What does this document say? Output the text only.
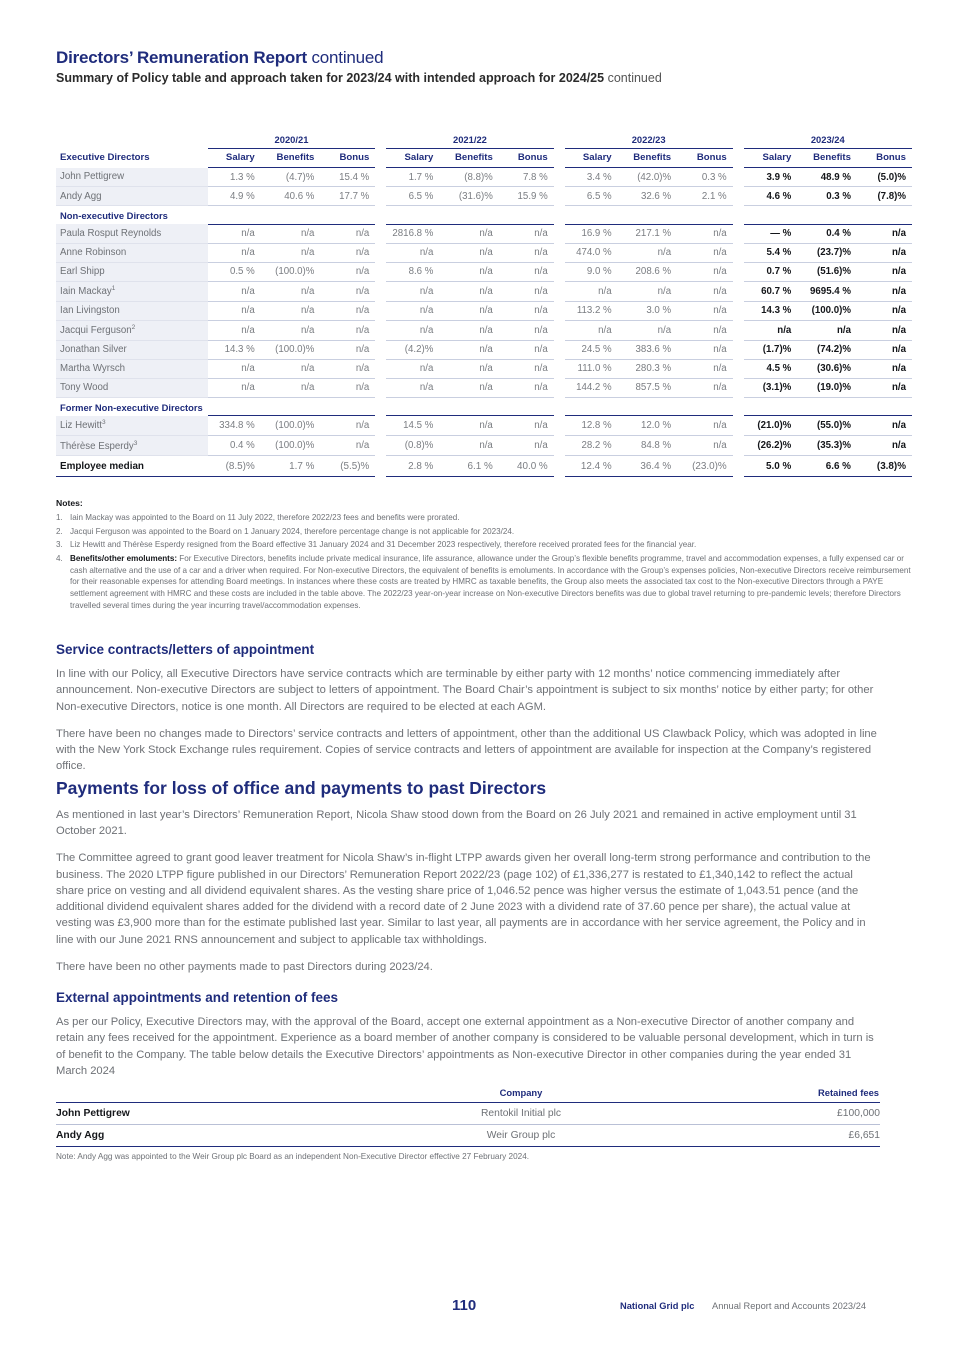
Directors’ Remuneration Report continued
Summary of Policy table and approach taken for 2023/24 with intended approach for 2024/25 continued
	2020/21				2021/22				2022/23				2023/24		
Executive Directors	Salary	Benefits	Bonus		Salary	Benefits	Bonus		Salary	Benefits	Bonus		Salary	Benefits	Bonus
John Pettigrew	1.3 %	(4.7)%	15.4 %		1.7 %	(8.8)%	7.8 %		3.4 %	(42.0)%	0.3 %		3.9 %	48.9 %	(5.0)%
Andy Agg	4.9 %	40.6 %	17.7 %		6.5 %	(31.6)%	15.9 %		6.5 %	32.6 %	2.1 %		4.6 %	0.3 %	(7.8)%
Non-executive Directors															
Paula Rosput Reynolds	n/a	n/a	n/a		2816.8 %	n/a	n/a		16.9 %	217.1 %	n/a		— %	0.4 %	n/a
Anne Robinson	n/a	n/a	n/a		n/a	n/a	n/a		474.0 %	n/a	n/a		5.4 %	(23.7)%	n/a
Earl Shipp	0.5 %	(100.0)%	n/a		8.6 %	n/a	n/a		9.0 %	208.6 %	n/a		0.7 %	(51.6)%	n/a
Iain Mackay$^1$	n/a	n/a	n/a		n/a	n/a	n/a		n/a	n/a	n/a		60.7 %	9695.4 %	n/a
Ian Livingston	n/a	n/a	n/a		n/a	n/a	n/a		113.2 %	3.0 %	n/a		14.3 %	(100.0)%	n/a
Jacqui Ferguson$^2$	n/a	n/a	n/a		n/a	n/a	n/a		n/a	n/a	n/a		n/a	n/a	n/a
Jonathan Silver	14.3 %	(100.0)%	n/a		(4.2)%	n/a	n/a		24.5 %	383.6 %	n/a		(1.7)%	(74.2)%	n/a
Martha Wyrsch	n/a	n/a	n/a		n/a	n/a	n/a		111.0 %	280.3 %	n/a		4.5 %	(30.6)%	n/a
Tony Wood	n/a	n/a	n/a		n/a	n/a	n/a		144.2 %	857.5 %	n/a		(3.1)%	(19.0)%	n/a
Former Non-executive Directors															
Liz Hewitt$^3$	334.8 %	(100.0)%	n/a		14.5 %	n/a	n/a		12.8 %	12.0 %	n/a		(21.0)%	(55.0)%	n/a
Thérèse Esperdy$^3$	0.4 %	(100.0)%	n/a		(0.8)%	n/a	n/a		28.2 %	84.8 %	n/a		(26.2)%	(35.3)%	n/a
Employee median	(8.5)%	1.7 %	(5.5)%		2.8 %	6.1 %	40.0 %		12.4 %	36.4 %	(23.0)%		5.0 %	6.6 %	(3.8)%
Notes:
1. Iain Mackay was appointed to the Board on 11 July 2022, therefore 2022/23 fees and benefits were prorated.
2. Jacqui Ferguson was appointed to the Board on 1 January 2024, therefore percentage change is not applicable for 2023/24.
3. Liz Hewitt and Thérèse Esperdy resigned from the Board effective 31 January 2024 and 31 December 2023 respectively, therefore received prorated fees for the financial year.
4. Benefits/other emoluments: For Executive Directors, benefits include private medical insurance, life assurance, allowance under the Group’s flexible benefits programme, travel and accommodation expenses, a fully expensed car or cash alternative and the use of a car and a driver when required. For Non-executive Directors, the equivalent of benefits is emoluments. In accordance with the Group’s expenses policies, Non-executive Directors receive reimbursement for their reasonable expenses for attending Board meetings. In instances where these costs are treated by HMRC as taxable benefits, the Group also meets the associated tax cost to the Non-executive Directors through a PAYE settlement agreement with HMRC and these costs are included in the table above. The 2022/23 year-on-year increase on Non-executive Directors benefits was due to global travel returning to pre-pandemic levels; therefore Directors travelled several times during the year incurring travel/accommodation expenses.
Service contracts/letters of appointment

In line with our Policy, all Executive Directors have service contracts which are terminable by either party with 12 months’ notice commencing immediately after announcement. Non-executive Directors are subject to letters of appointment. The Board Chair’s appointment is subject to six months’ notice by either party; for other Non-executive Directors, notice is one month. All Directors are required to be elected at each AGM.

There have been no changes made to Directors’ service contracts and letters of appointment, other than the additional US Clawback Policy, which was adopted in line with the New York Stock Exchange rules requirement. Copies of service contracts and letters of appointment are available for inspection at the Company’s registered office.

Payments for loss of office and payments to past Directors

As mentioned in last year’s Directors’ Remuneration Report, Nicola Shaw stood down from the Board on 26 July 2021 and remained in active employment until 31 October 2021.

The Committee agreed to grant good leaver treatment for Nicola Shaw’s in-flight LTPP awards given her overall long-term strong performance and contribution to the business. The 2020 LTPP figure published in our Directors’ Remuneration Report 2022/23 (page 102) of £1,336,277 is restated to £1,340,142 to reflect the actual share price on vesting and all dividend equivalent shares. As the vesting share price of 1,046.52 pence was higher versus the estimate of 1,043.51 pence (and the additional dividend equivalent shares added for the dividend with a record date of 2 June 2023 with a dividend rate of 37.60 pence per share), the actual value at vesting was £3,900 more than for the estimate published last year. Similar to last year, all payments are in accordance with her service agreement, the Policy and in line with our June 2021 RNS announcement and subject to applicable tax withholdings.

There have been no other payments made to past Directors during 2023/24.

External appointments and retention of fees

As per our Policy, Executive Directors may, with the approval of the Board, accept one external appointment as a Non-executive Director of another company and retain any fees received for the appointment. Experience as a board member of another company is considered to be valuable personal development, which in turn is of benefit to the Company. The table below details the Executive Directors’ appointments as Non-executive Director in other companies during the year ended 31 March 2024

	Company	Retained fees
John Pettigrew	Rentokil Initial plc	£100,000
Andy Agg	Weir Group plc	£6,651
Note: Andy Agg was appointed to the Weir Group plc Board as an independent Non-Executive Director effective 27 February 2024.
110	National Grid plc Annual Report and Accounts 2023/24
